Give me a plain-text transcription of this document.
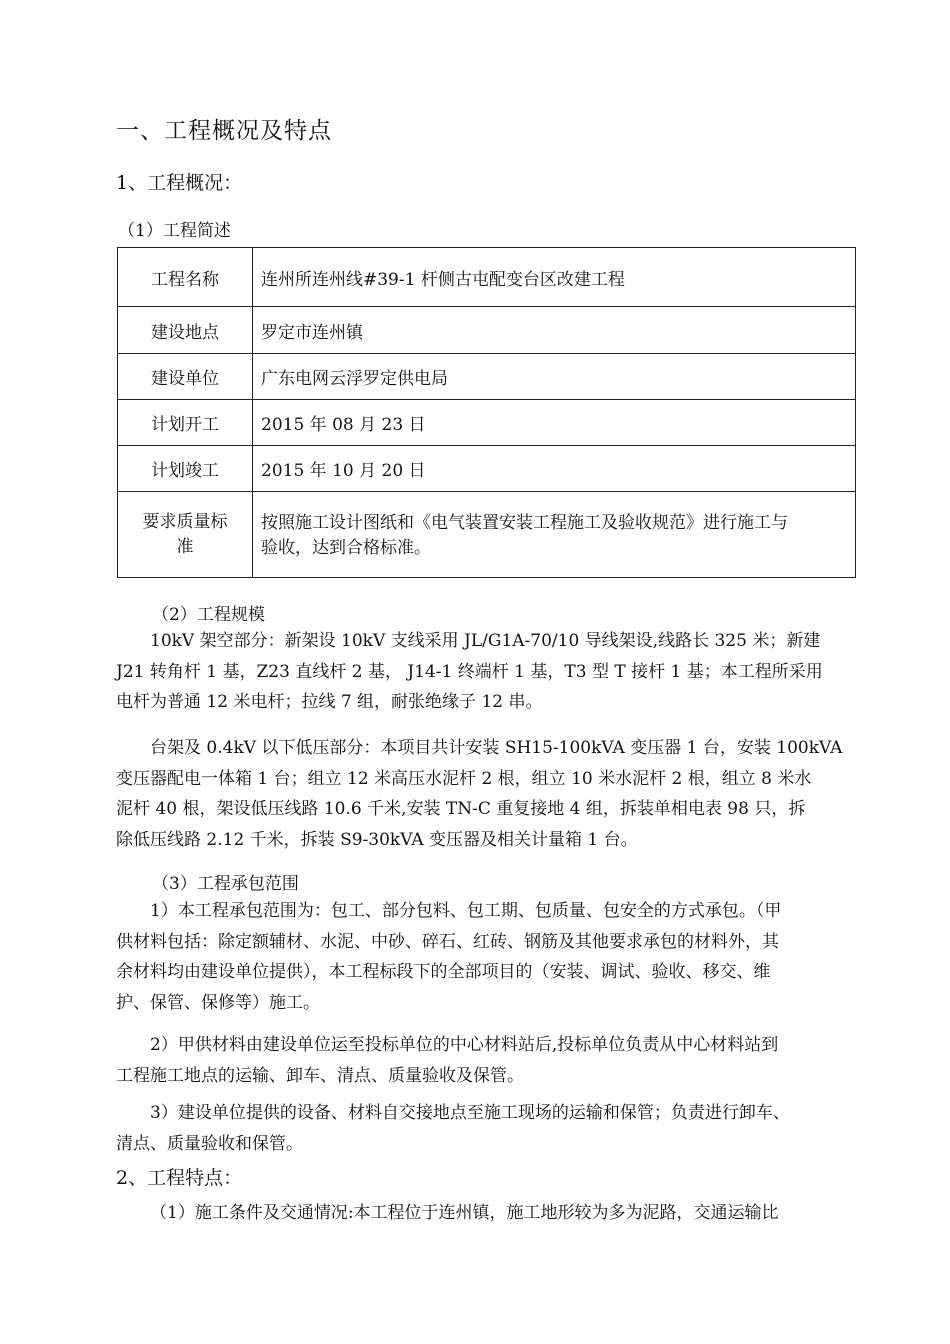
一、工程概况及特点
1、工程概况：
（1）工程简述
工程名称	连州所连州线#39-1 杆侧古屯配变台区改建工程
建设地点	罗定市连州镇
建设单位	广东电网云浮罗定供电局
计划开工	2015 年 08 月 23 日
计划竣工	2015 年 10 月 20 日

要求质量标
准	按照施工设计图纸和《电气装置安装工程施工及验收规范》进行施工与
验收，达到合格标准。
（2）工程规模
10kV 架空部分：新架设 10kV 支线采用 JL/G1A-70/10 导线架设,线路长 325 米；新建
J21 转角杆 1 基，Z23 直线杆 2 基， J14-1 终端杆 1 基，T3 型 T 接杆 1 基；本工程所采用
电杆为普通 12 米电杆；拉线 7 组，耐张绝缘子 12 串。
台架及 0.4kV 以下低压部分：本项目共计安装 SH15-100kVA 变压器 1 台，安装 100kVA
变压器配电一体箱 1 台；组立 12 米高压水泥杆 2 根，组立 10 米水泥杆 2 根，组立 8 米水
泥杆 40 根，架设低压线路 10.6 千米,安装 TN-C 重复接地 4 组，拆装单相电表 98 只，拆
除低压线路 2.12 千米，拆装 S9-30kVA 变压器及相关计量箱 1 台。
（3）工程承包范围
1）本工程承包范围为：包工、部分包料、包工期、包质量、包安全的方式承包。（甲
供材料包括：除定额辅材、水泥、中砂、碎石、红砖、钢筋及其他要求承包的材料外，其
余材料均由建设单位提供），本工程标段下的全部项目的（安装、调试、验收、移交、维
护、保管、保修等）施工。
2）甲供材料由建设单位运至投标单位的中心材料站后,投标单位负责从中心材料站到
工程施工地点的运输、卸车、清点、质量验收及保管。
3）建设单位提供的设备、材料自交接地点至施工现场的运输和保管；负责进行卸车、
清点、质量验收和保管。
2、工程特点：
（1）施工条件及交通情况:本工程位于连州镇，施工地形较为多为泥路，交通运输比
